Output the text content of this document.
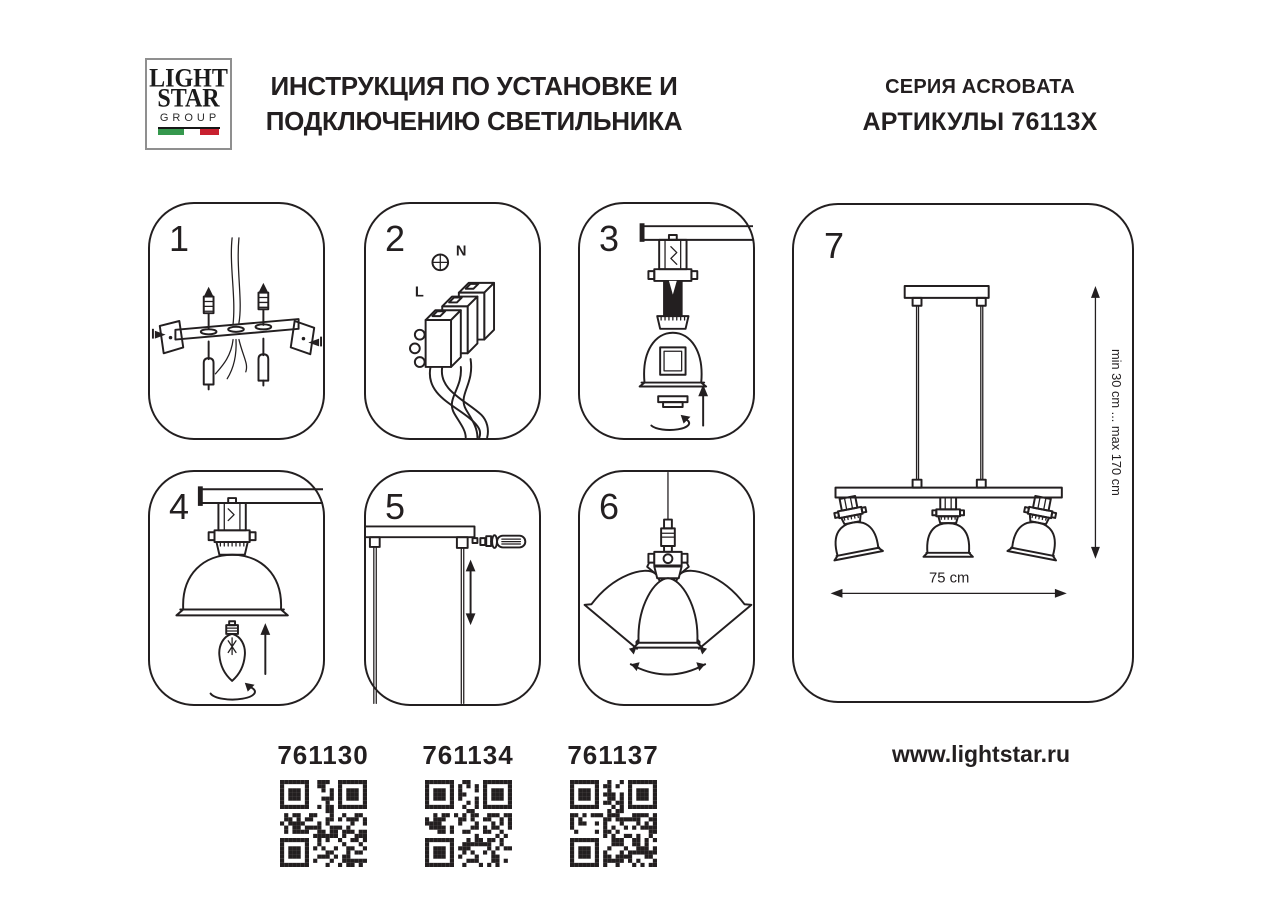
LIGHT
STAR
GROUP
ИНСТРУКЦИЯ ПО УСТАНОВКЕ И
ПОДКЛЮЧЕНИЮ СВЕТИЛЬНИКА
СЕРИЯ ACROBATA
АРТИКУЛЫ 76113X
1	2	N
L
3
4	5	6
7
min 30 cm ... max 170 cm
75 cm
761130	761134	761137	www.lightstar.ru
